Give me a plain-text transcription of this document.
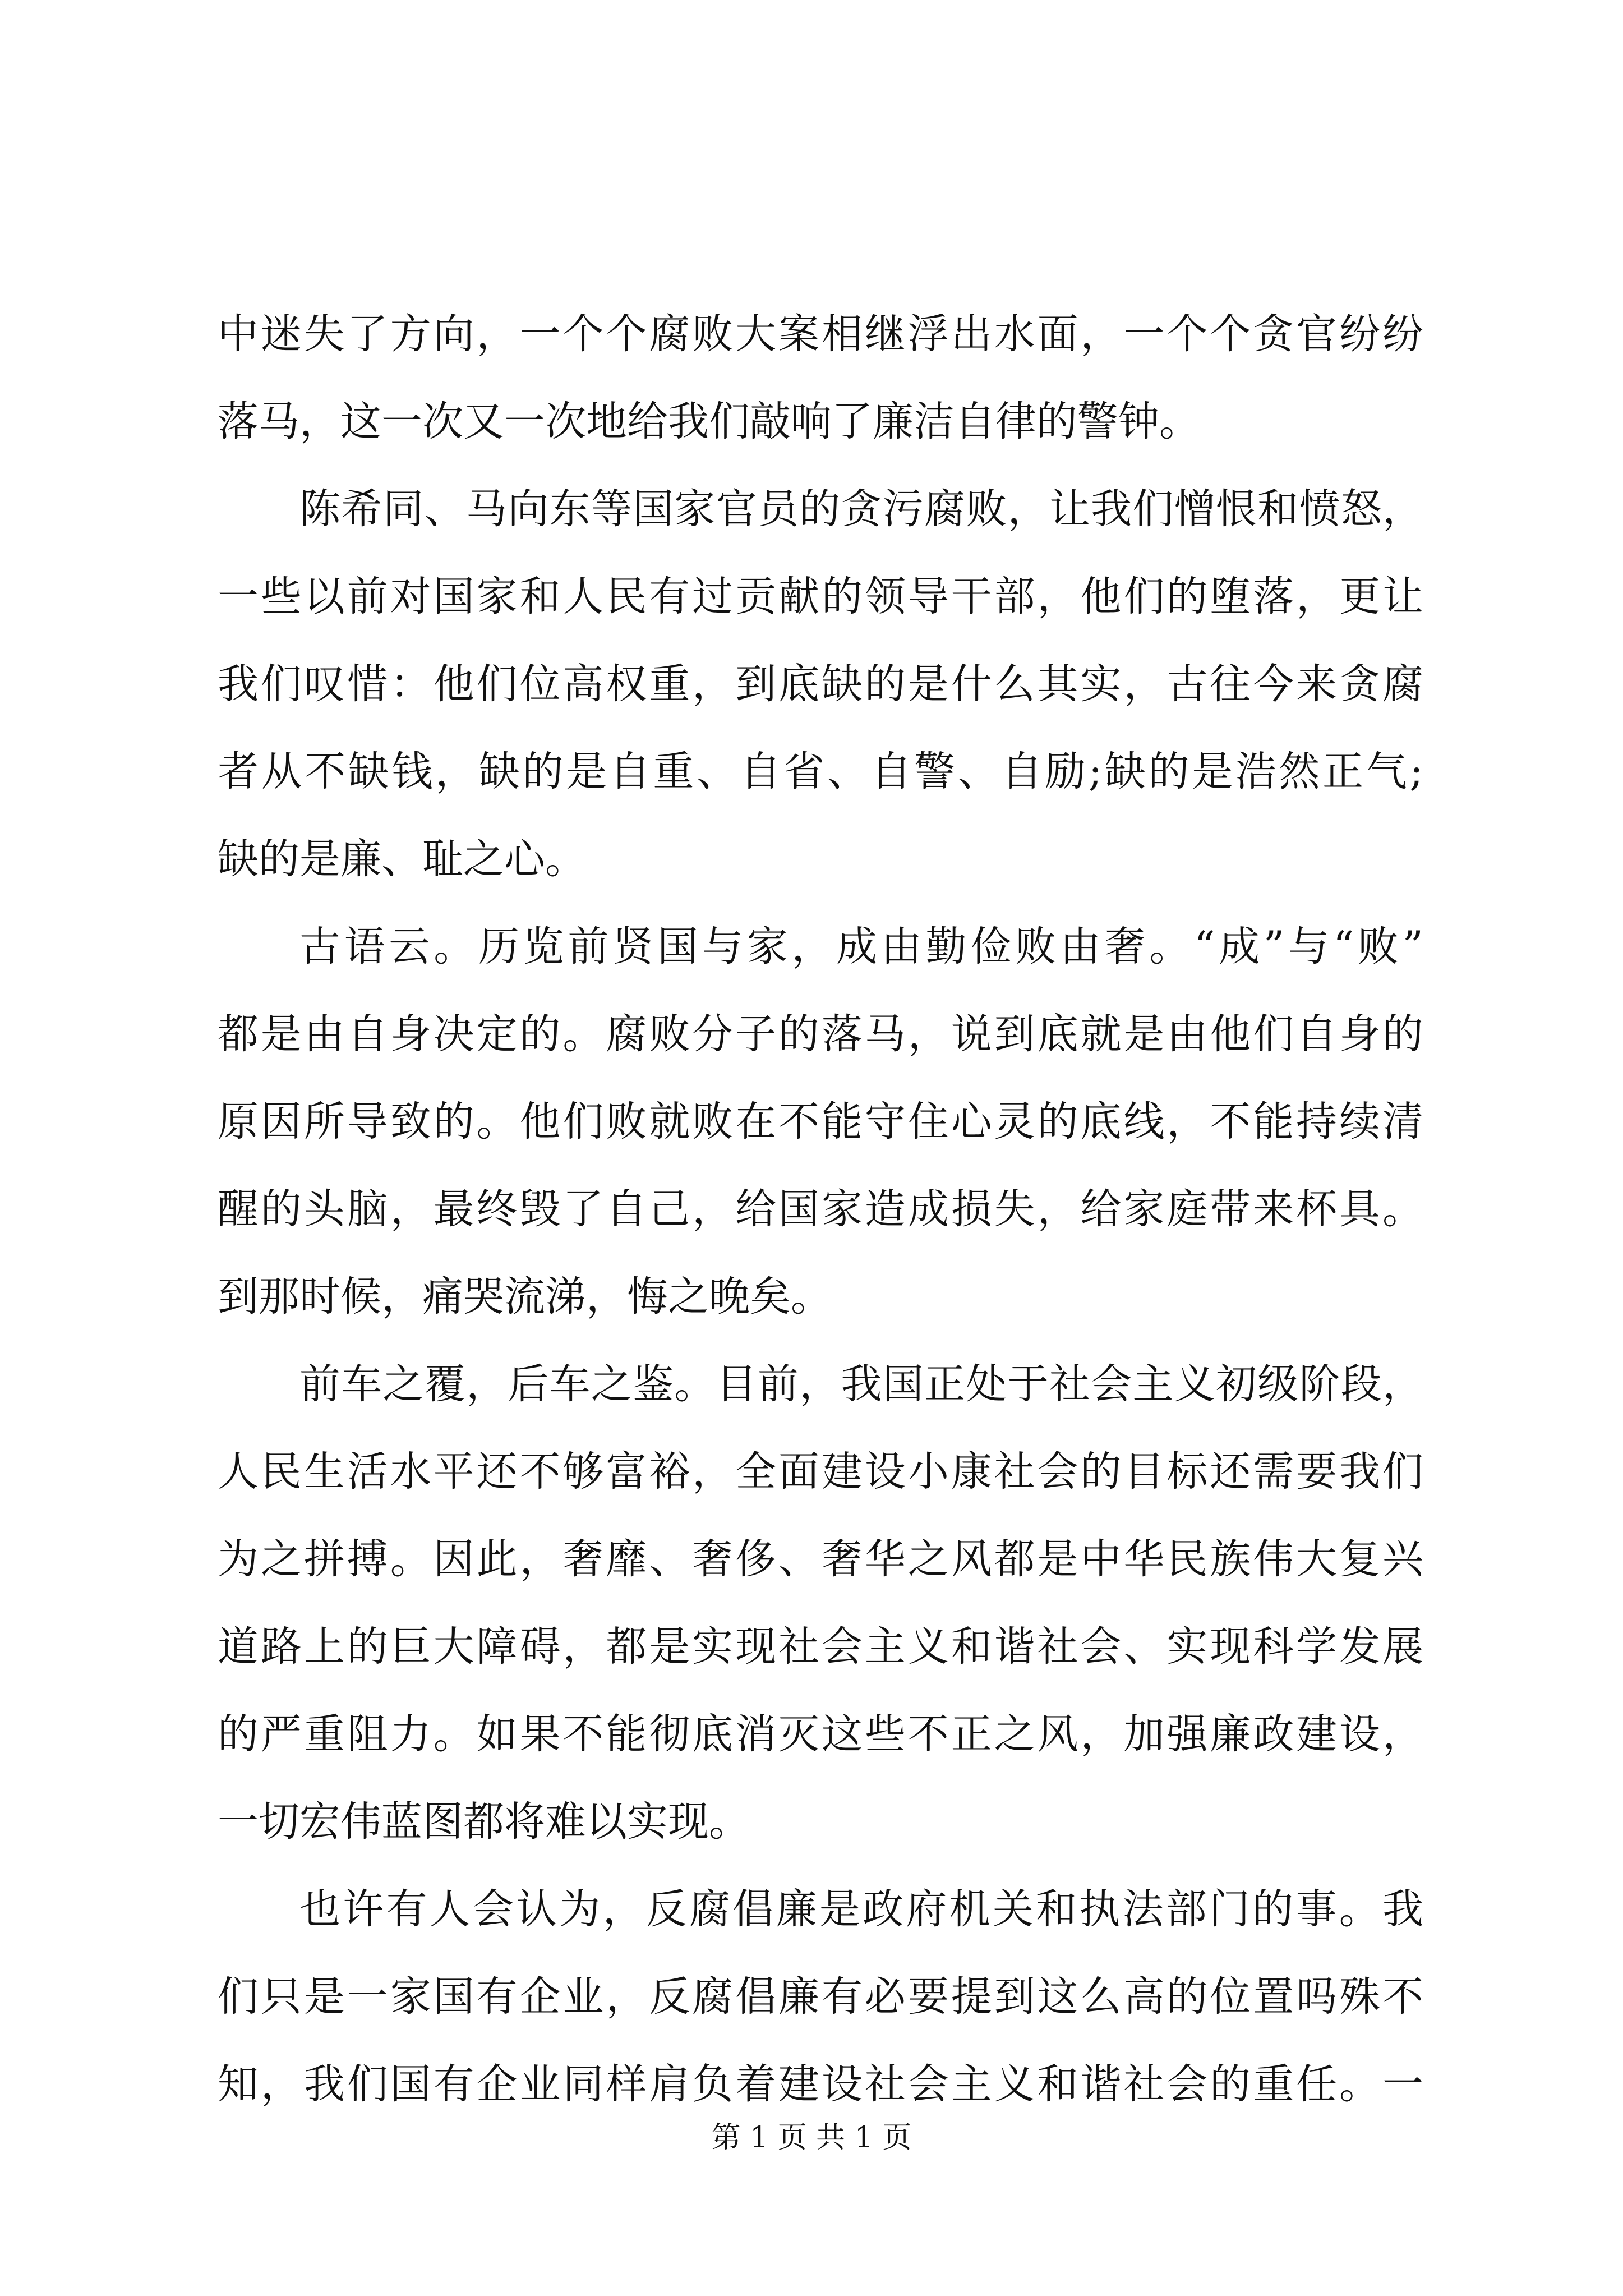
中迷失了方向，一个个腐败大案相继浮出水面，一个个贪官纷纷
落马，这一次又一次地给我们敲响了廉洁自律的警钟。
陈希同、马向东等国家官员的贪污腐败，让我们憎恨和愤怒，
一些以前对国家和人民有过贡献的领导干部，他们的堕落，更让
我们叹惜：他们位高权重，到底缺的是什么其实，古往今来贪腐
者从不缺钱，缺的是自重、自省、自警、自励;缺的是浩然正气;
缺的是廉、耻之心。
古语云。历览前贤国与家，成由勤俭败由奢。“成”与“败”
都是由自身决定的。腐败分子的落马，说到底就是由他们自身的
原因所导致的。他们败就败在不能守住心灵的底线，不能持续清
醒的头脑，最终毁了自己，给国家造成损失，给家庭带来杯具。
到那时候，痛哭流涕，悔之晚矣。
前车之覆，后车之鉴。目前，我国正处于社会主义初级阶段，
人民生活水平还不够富裕，全面建设小康社会的目标还需要我们
为之拼搏。因此，奢靡、奢侈、奢华之风都是中华民族伟大复兴
道路上的巨大障碍，都是实现社会主义和谐社会、实现科学发展
的严重阻力。如果不能彻底消灭这些不正之风，加强廉政建设，
一切宏伟蓝图都将难以实现。
也许有人会认为，反腐倡廉是政府机关和执法部门的事。我
们只是一家国有企业，反腐倡廉有必要提到这么高的位置吗殊不
知，我们国有企业同样肩负着建设社会主义和谐社会的重任。一
第 1 页 共 1 页
